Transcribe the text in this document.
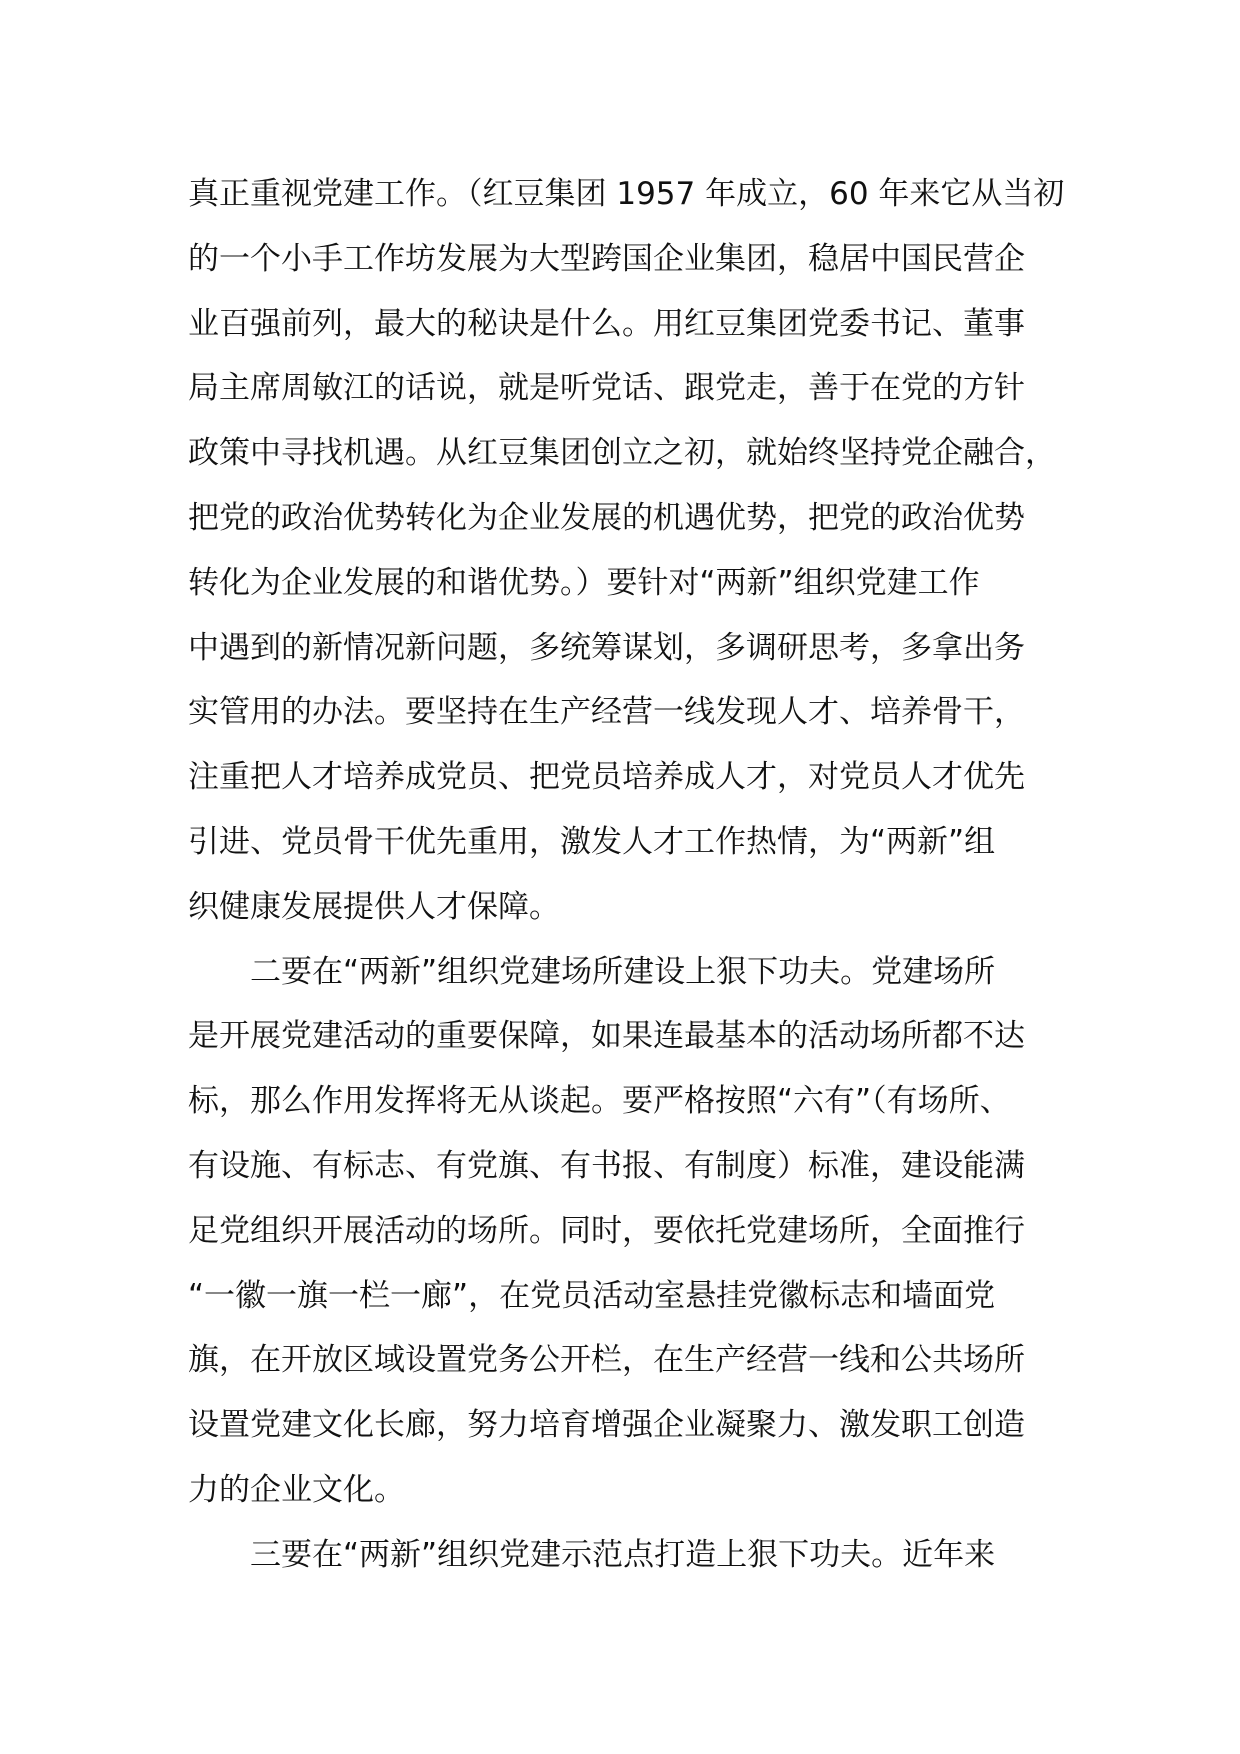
真正重视党建工作。（红豆集团 1957 年成立，60 年来它从当初
的一个小手工作坊发展为大型跨国企业集团，稳居中国民营企
业百强前列，最大的秘诀是什么。用红豆集团党委书记、董事
局主席周敏江的话说，就是听党话、跟党走，善于在党的方针
政策中寻找机遇。从红豆集团创立之初，就始终坚持党企融合，
把党的政治优势转化为企业发展的机遇优势，把党的政治优势
转化为企业发展的和谐优势。）要针对“两新”组织党建工作
中遇到的新情况新问题，多统筹谋划，多调研思考，多拿出务
实管用的办法。要坚持在生产经营一线发现人才、培养骨干，
注重把人才培养成党员、把党员培养成人才，对党员人才优先
引进、党员骨干优先重用，激发人才工作热情，为“两新”组
织健康发展提供人才保障。
二要在“两新”组织党建场所建设上狠下功夫。党建场所
是开展党建活动的重要保障，如果连最基本的活动场所都不达
标，那么作用发挥将无从谈起。要严格按照“六有”（有场所、
有设施、有标志、有党旗、有书报、有制度）标准，建设能满
足党组织开展活动的场所。同时，要依托党建场所，全面推行
“一徽一旗一栏一廊”，在党员活动室悬挂党徽标志和墙面党
旗，在开放区域设置党务公开栏，在生产经营一线和公共场所
设置党建文化长廊，努力培育增强企业凝聚力、激发职工创造
力的企业文化。
三要在“两新”组织党建示范点打造上狠下功夫。近年来
